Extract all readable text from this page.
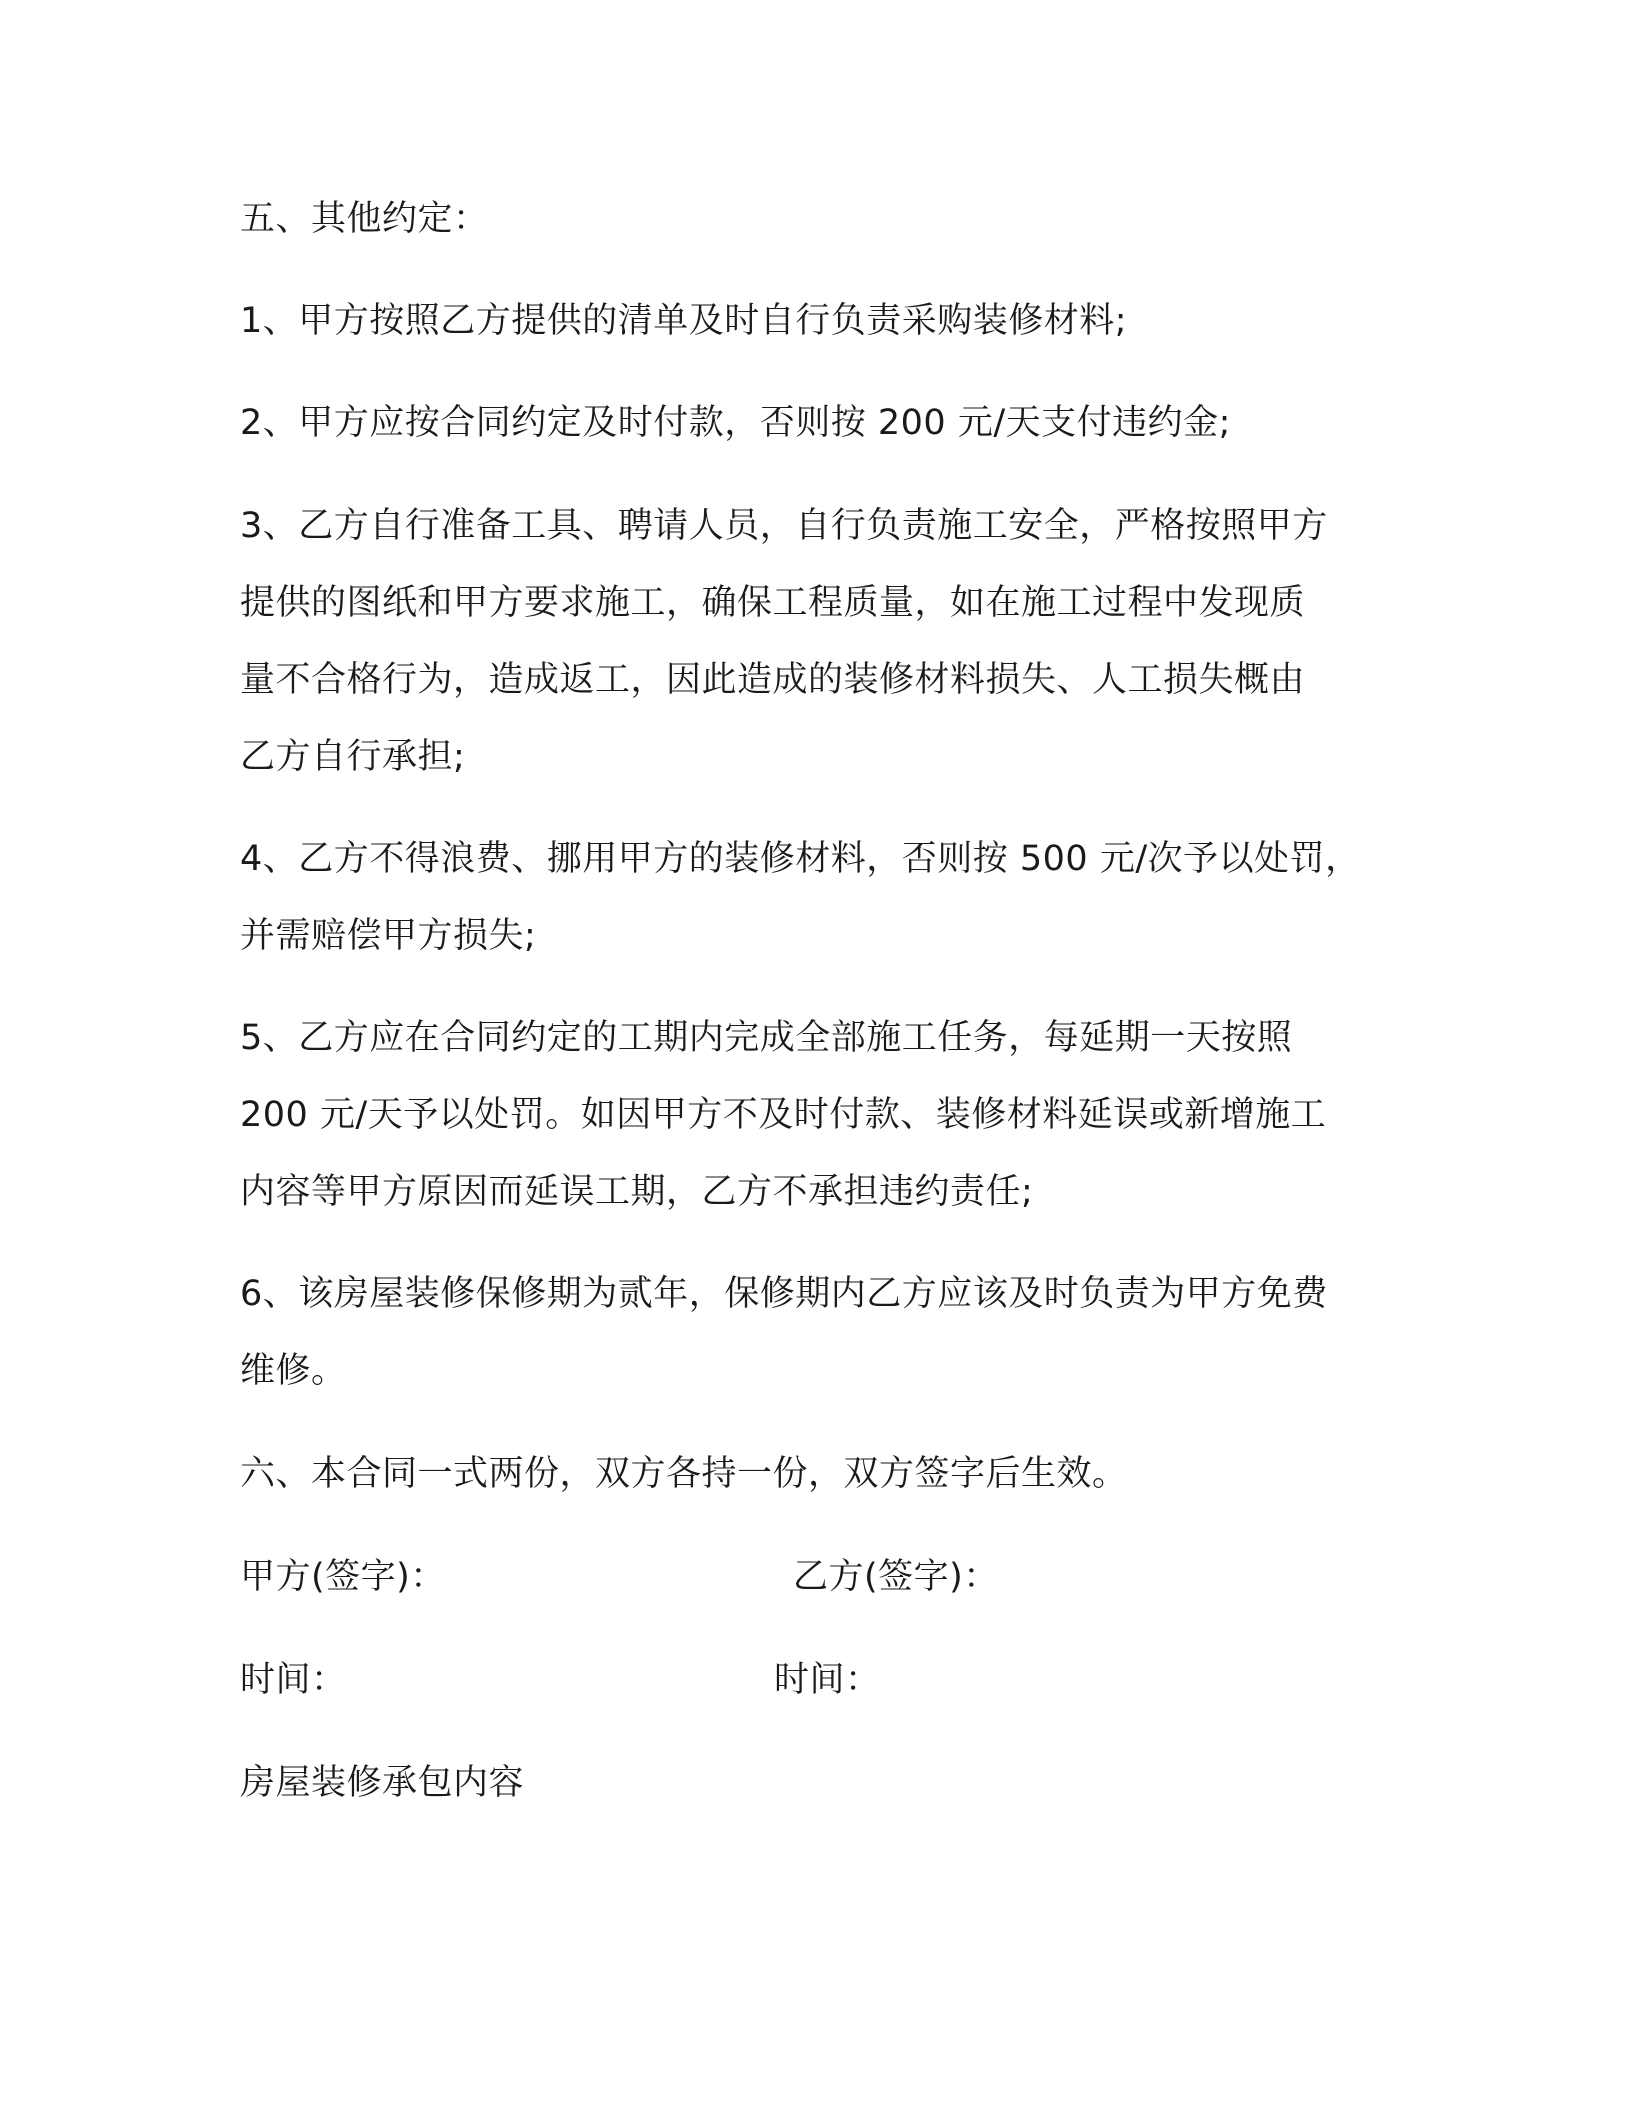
五、其他约定：
1、甲方按照乙方提供的清单及时自行负责采购装修材料;
2、甲方应按合同约定及时付款，否则按 200 元/天支付违约金;
3、乙方自行准备工具、聘请人员，自行负责施工安全，严格按照甲方
提供的图纸和甲方要求施工，确保工程质量，如在施工过程中发现质
量不合格行为，造成返工，因此造成的装修材料损失、人工损失概由
乙方自行承担;
4、乙方不得浪费、挪用甲方的装修材料，否则按 500 元/次予以处罚，
并需赔偿甲方损失;
5、乙方应在合同约定的工期内完成全部施工任务，每延期一天按照
200 元/天予以处罚。如因甲方不及时付款、装修材料延误或新增施工
内容等甲方原因而延误工期，乙方不承担违约责任;
6、该房屋装修保修期为贰年，保修期内乙方应该及时负责为甲方免费
维修。
六、本合同一式两份，双方各持一份，双方签字后生效。
甲方(签字)：	乙方(签字)：
时间：	时间：
房屋装修承包内容
